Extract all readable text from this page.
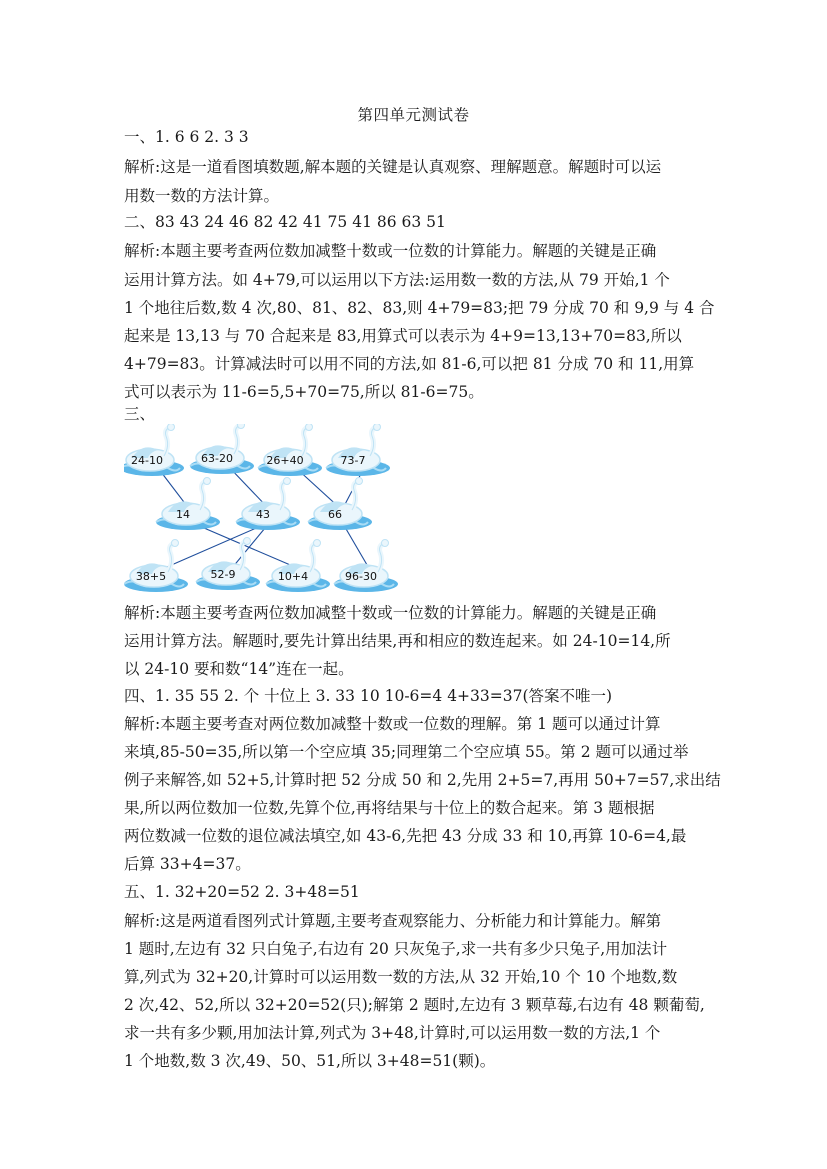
第四单元测试卷
一、1. 6 6 2. 3 3
解析:这是一道看图填数题,解本题的关键是认真观察、理解题意。解题时可以运
用数一数的方法计算。
二、83 43 24 46 82 42 41 75 41 86 63 51
解析:本题主要考查两位数加减整十数或一位数的计算能力。解题的关键是正确
运用计算方法。如 4+79,可以运用以下方法:运用数一数的方法,从 79 开始,1 个
1 个地往后数,数 4 次,80、81、82、83,则 4+79=83;把 79 分成 70 和 9,9 与 4 合
起来是 13,13 与 70 合起来是 83,用算式可以表示为 4+9=13,13+70=83,所以
4+79=83。计算减法时可以用不同的方法,如 81-6,可以把 81 分成 70 和 11,用算
式可以表示为 11-6=5,5+70=75,所以 81-6=75。
三、
24-10	63-20	26+40	73-7
14	43	66
38+5	52-9	10+4	96-30
解析:本题主要考查两位数加减整十数或一位数的计算能力。解题的关键是正确
运用计算方法。解题时,要先计算出结果,再和相应的数连起来。如 24-10=14,所
以 24-10 要和数“14”连在一起。
四、1. 35 55 2. 个 十位上 3. 33 10 10-6=4 4+33=37(答案不唯一)
解析:本题主要考查对两位数加减整十数或一位数的理解。第 1 题可以通过计算
来填,85-50=35,所以第一个空应填 35;同理第二个空应填 55。第 2 题可以通过举
例子来解答,如 52+5,计算时把 52 分成 50 和 2,先用 2+5=7,再用 50+7=57,求出结
果,所以两位数加一位数,先算个位,再将结果与十位上的数合起来。第 3 题根据
两位数减一位数的退位减法填空,如 43-6,先把 43 分成 33 和 10,再算 10-6=4,最
后算 33+4=37。
五、1. 32+20=52 2. 3+48=51
解析:这是两道看图列式计算题,主要考查观察能力、分析能力和计算能力。解第
1 题时,左边有 32 只白兔子,右边有 20 只灰兔子,求一共有多少只兔子,用加法计
算,列式为 32+20,计算时可以运用数一数的方法,从 32 开始,10 个 10 个地数,数
2 次,42、52,所以 32+20=52(只);解第 2 题时,左边有 3 颗草莓,右边有 48 颗葡萄,
求一共有多少颗,用加法计算,列式为 3+48,计算时,可以运用数一数的方法,1 个
1 个地数,数 3 次,49、50、51,所以 3+48=51(颗)。
